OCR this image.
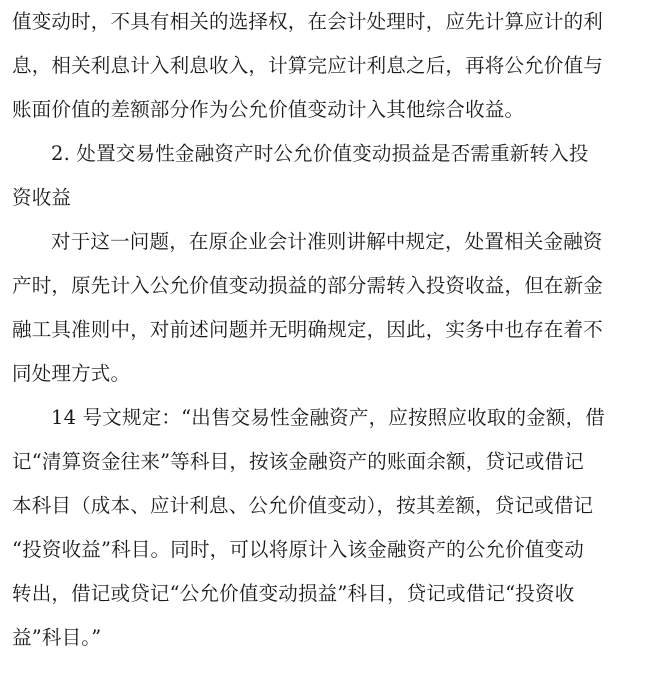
值变动时，不具有相关的选择权，在会计处理时，应先计算应计的利
息，相关利息计入利息收入，计算完应计利息之后，再将公允价值与
账面价值的差额部分作为公允价值变动计入其他综合收益。
2. 处置交易性金融资产时公允价值变动损益是否需重新转入投
资收益
对于这一问题，在原企业会计准则讲解中规定，处置相关金融资
产时，原先计入公允价值变动损益的部分需转入投资收益，但在新金
融工具准则中，对前述问题并无明确规定，因此，实务中也存在着不
同处理方式。
14 号文规定：“出售交易性金融资产，应按照应收取的金额，借
记“清算资金往来”等科目，按该金融资产的账面余额，贷记或借记
本科目（成本、应计利息、公允价值变动），按其差额，贷记或借记
“投资收益”科目。同时，可以将原计入该金融资产的公允价值变动
转出，借记或贷记“公允价值变动损益”科目，贷记或借记“投资收
益”科目。”
